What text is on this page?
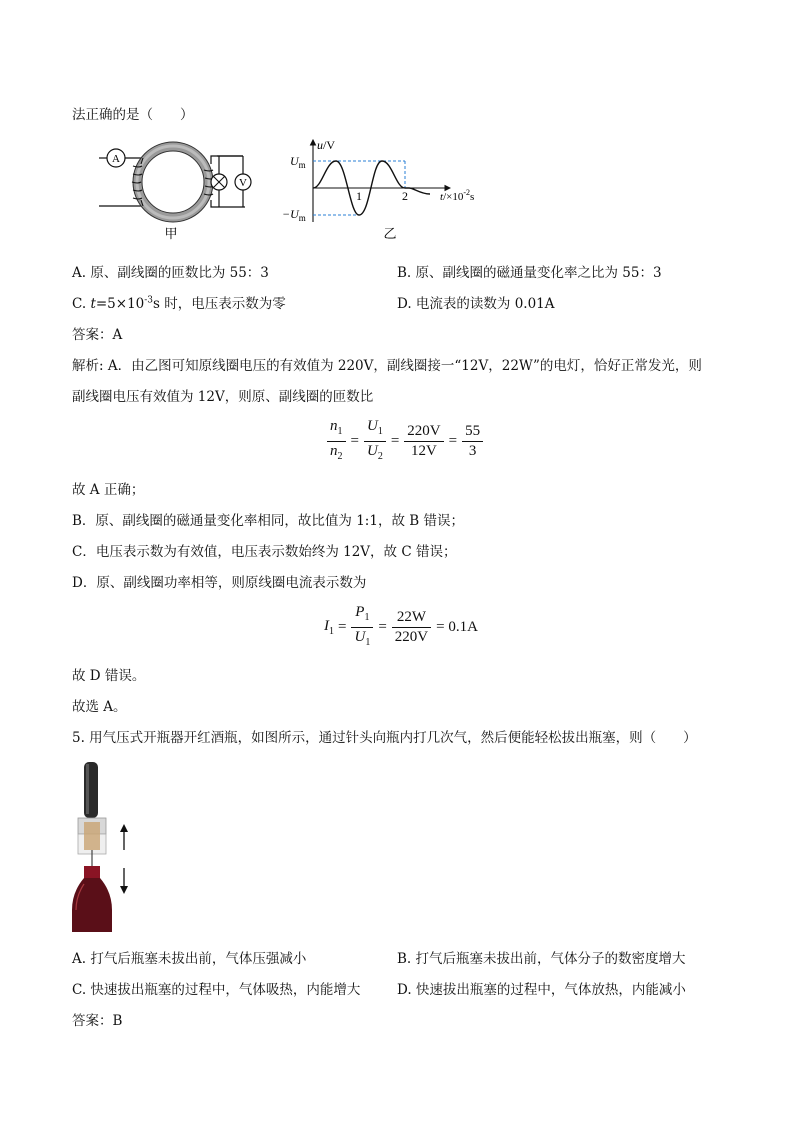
法正确的是（　　）
A
V
甲
1	2
$U_m$
$-U_m$
u/V
$t/\times 10^{-2}s$
乙
A. 原、副线圈的匝数比为 55：3	B. 原、副线圈的磁通量变化率之比为 55：3
C. $t=5\times 10^{-3}s$ 时，电压表示数为零	D. 电流表的读数为 0.01A
答案：A
解析: A．由乙图可知原线圈电压的有效值为 220V，副线圈接一“12V，22W”的电灯，恰好正常发光，则
副线圈电压有效值为 12V，则原、副线圈的匝数比
$\frac{n_1}{n_2} = \frac{U_1}{U_2} = \frac{220V}{12V} = \frac{55}{3}$
故 A 正确；
B．原、副线圈的磁通量变化率相同，故比值为 1:1，故 B 错误；
C．电压表示数为有效值，电压表示数始终为 12V，故 C 错误；
D．原、副线圈功率相等，则原线圈电流表示数为
$I_1 = \frac{P_1}{U_1} = \frac{22W}{220V} = 0.1A$
故 D 错误。
故选 A。
5. 用气压式开瓶器开红酒瓶，如图所示，通过针头向瓶内打几次气，然后便能轻松拔出瓶塞，则（　　）
A. 打气后瓶塞未拔出前，气体压强减小	B. 打气后瓶塞未拔出前，气体分子的数密度增大
C. 快速拔出瓶塞的过程中，气体吸热，内能增大	D. 快速拔出瓶塞的过程中，气体放热，内能减小
答案：B
